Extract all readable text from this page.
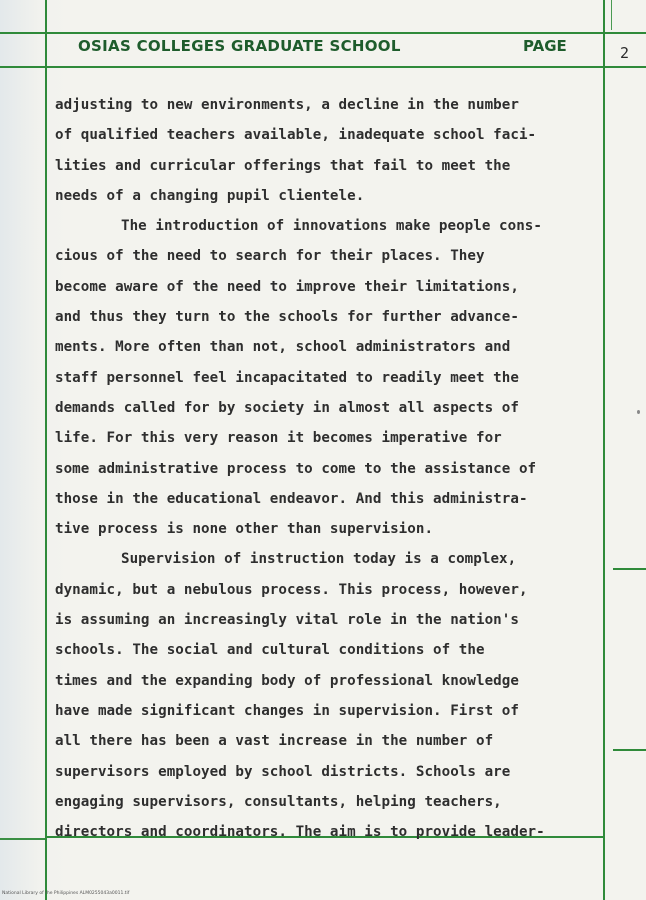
OSIAS COLLEGES GRADUATE SCHOOL	PAGE	2
adjusting to new environments, a decline in the number
of qualified teachers available, inadequate school faci-
lities and curricular offerings that fail to meet the
needs of a changing pupil clientele.
The introduction of innovations make people cons-
cious of the need to search for their places. They
become aware of the need to improve their limitations,
and thus they turn to the schools for further advance-
ments. More often than not, school administrators and
staff personnel feel incapacitated to readily meet the
demands called for by society in almost all aspects of
life. For this very reason it becomes imperative for
some administrative process to come to the assistance of
those in the educational endeavor. And this administra-
tive process is none other than supervision.
Supervision of instruction today is a complex,
dynamic, but a nebulous process. This process, however,
is assuming an increasingly vital role in the nation's
schools. The social and cultural conditions of the
times and the expanding body of professional knowledge
have made significant changes in supervision. First of
all there has been a vast increase in the number of
supervisors employed by school districts. Schools are
engaging supervisors, consultants, helping teachers,
directors and coordinators. The aim is to provide leader-
National Library of the Philippines ALM0255043a0011.tif
